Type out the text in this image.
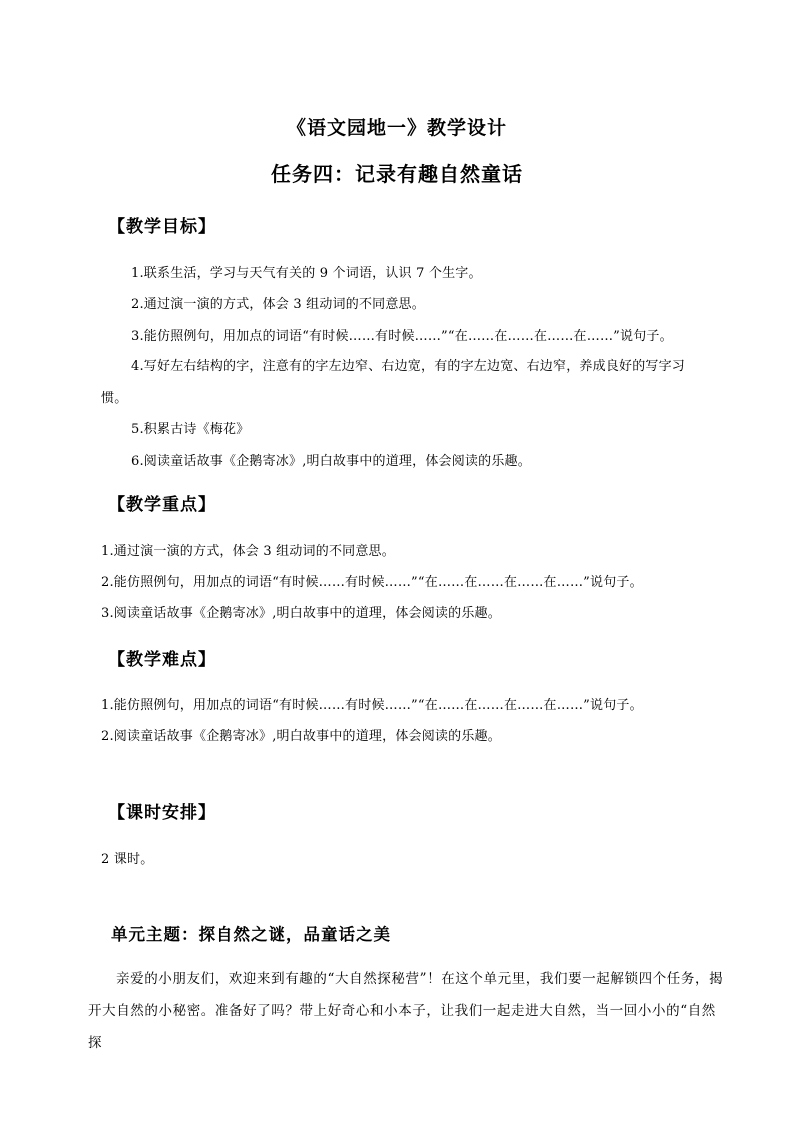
《语文园地一》教学设计
任务四：记录有趣自然童话
【教学目标】
1.联系生活，学习与天气有关的 9 个词语，认识 7 个生字。
2.通过演一演的方式，体会 3 组动词的不同意思。
3.能仿照例句，用加点的词语“有时候……有时候……”“在……在……在……在……”说句子。
4.写好左右结构的字，注意有的字左边窄、右边宽，有的字左边宽、右边窄，养成良好的写字习
惯。
5.积累古诗《梅花》
6.阅读童话故事《企鹅寄冰》,明白故事中的道理，体会阅读的乐趣。
【教学重点】
1.通过演一演的方式，体会 3 组动词的不同意思。
2.能仿照例句，用加点的词语“有时候……有时候……”“在……在……在……在……”说句子。
3.阅读童话故事《企鹅寄冰》,明白故事中的道理，体会阅读的乐趣。
【教学难点】
1.能仿照例句，用加点的词语“有时候……有时候……”“在……在……在……在……”说句子。
2.阅读童话故事《企鹅寄冰》,明白故事中的道理，体会阅读的乐趣。
【课时安排】
2 课时。
单元主题：探自然之谜，品童话之美
亲爱的小朋友们，欢迎来到有趣的“大自然探秘营”！在这个单元里，我们要一起解锁四个任务，揭开大自然的小秘密。准备好了吗？带上好奇心和小本子，让我们一起走进大自然，当一回小小的“自然探
